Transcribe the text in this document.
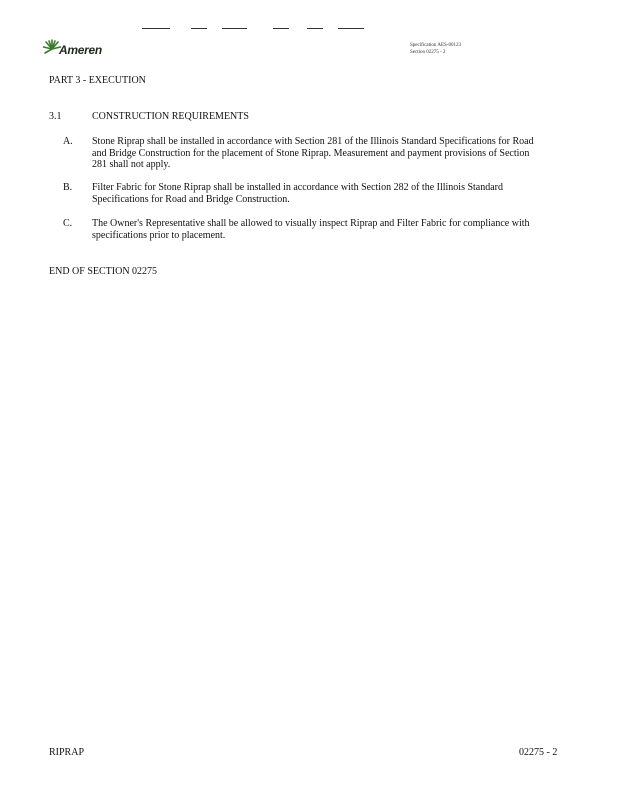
Ameren	Specification AES-00123
Section 02275 - 2
PART 3 - EXECUTION
3.1	CONSTRUCTION REQUIREMENTS
A. Stone Riprap shall be installed in accordance with Section 281 of the Illinois Standard Specifications for Road and Bridge Construction for the placement of Stone Riprap. Measurement and payment provisions of Section 281 shall not apply.
B. Filter Fabric for Stone Riprap shall be installed in accordance with Section 282 of the Illinois Standard Specifications for Road and Bridge Construction.
C. The Owner's Representative shall be allowed to visually inspect Riprap and Filter Fabric for compliance with specifications prior to placement.
END OF SECTION 02275
RIPRAP	02275 - 2
